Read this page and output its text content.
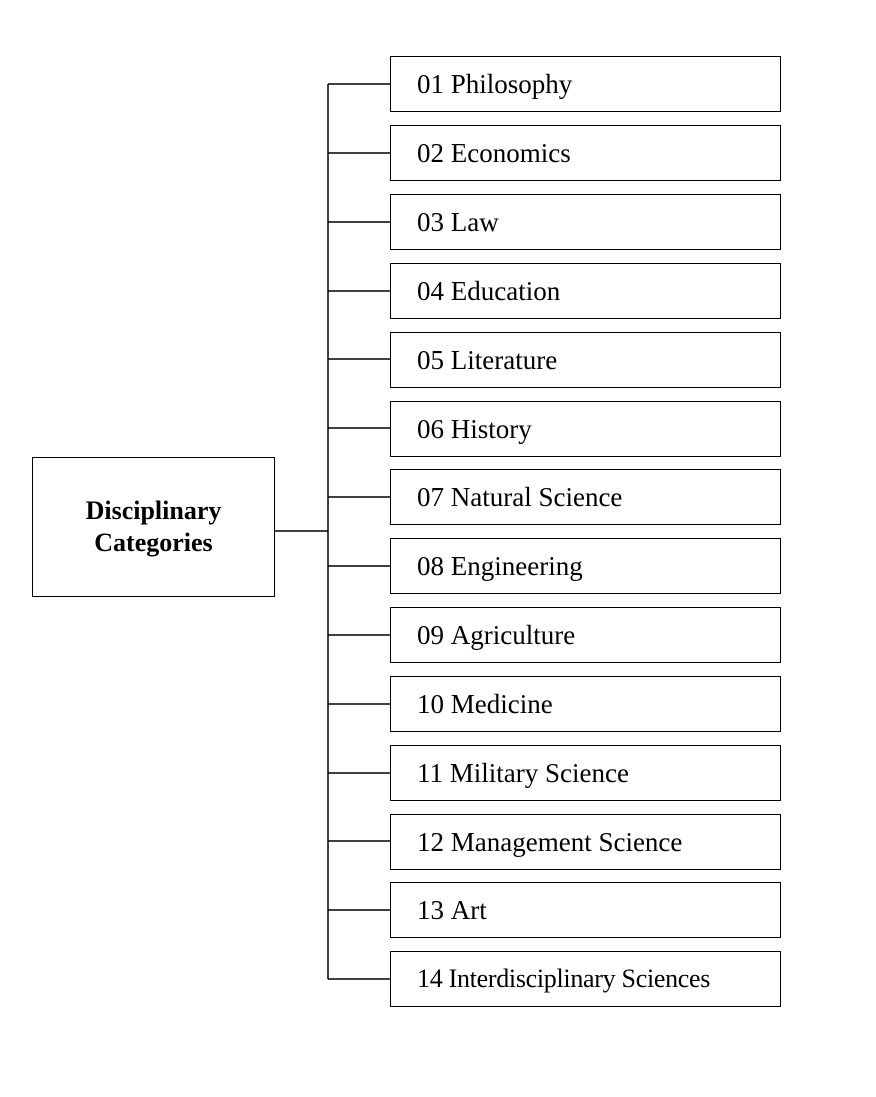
Disciplinary
Categories
01
Philosophy
02
Economics
03
Law
04
Education
05
Literature
06
History
07
Natural Science
08
Engineering
09
Agriculture
10
Medicine
11
Military Science
12
Management Science
13
Art
14
Interdisciplinary Sciences
